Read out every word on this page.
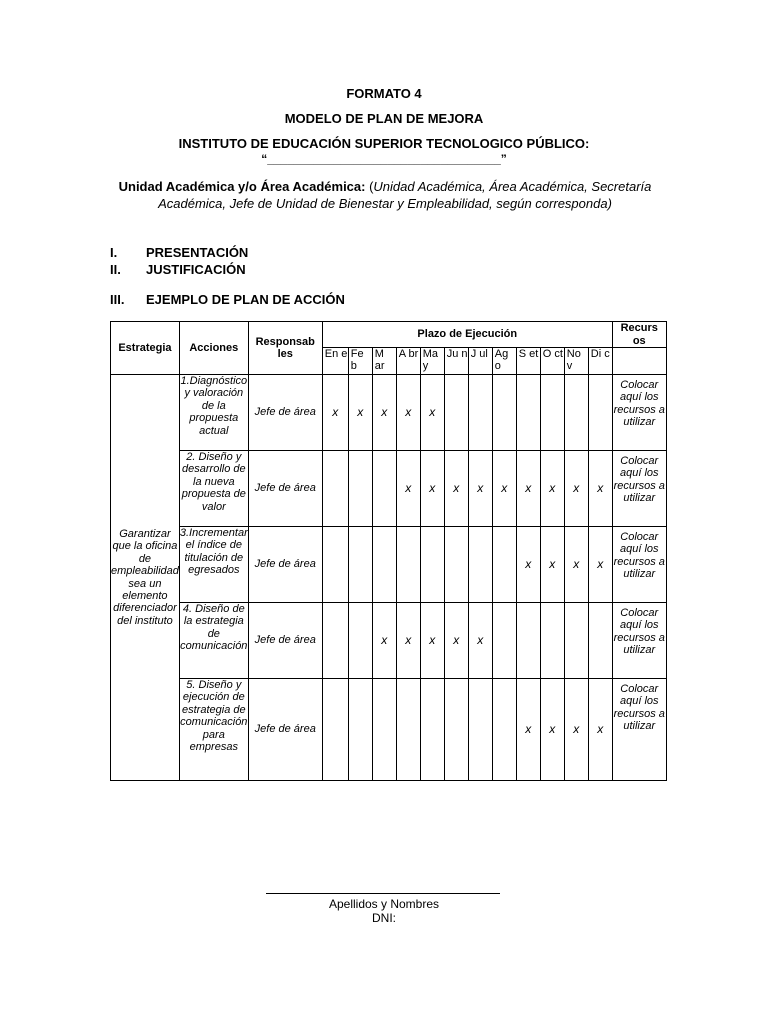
FORMATO 4
MODELO DE PLAN DE MEJORA
INSTITUTO DE EDUCACIÓN SUPERIOR TECNOLOGICO PÚBLICO:
“___________________________________”
Unidad Académica y/o Área Académica: (Unidad Académica, Área Académica, Secretaría Académica, Jefe de Unidad de Bienestar y Empleabilidad, según corresponda)
I. PRESENTACIÓN
II. JUSTIFICACIÓN
III. EJEMPLO DE PLAN DE ACCIÓN
Estrategia	Acciones	Responsab les	Plazo de Ejecución												Recurs os
			En e	Fe b	M ar	A br	Ma y	Ju n	J ul	Ag o	S et	O ct	No v	Di c	
Garantizar que la oficina de empleabilidad sea un elemento diferenciador del instituto	1.Diagnóstico y valoración de la propuesta actual	Jefe de área	x	x	x	x	x								Colocar aquí los recursos a utilizar
	2. Diseño y desarrollo de la nueva propuesta de valor	Jefe de área				x	x	x	x	x	x	x	x	x	Colocar aquí los recursos a utilizar
	3.Incrementar el índice de titulación de egresados	Jefe de área									x	x	x	x	Colocar aquí los recursos a utilizar
	4. Diseño de la estrategia de comunicación	Jefe de área			x	x	x	x	x						Colocar aquí los recursos a utilizar
	5. Diseño y ejecución de estrategia de comunicación para empresas	Jefe de área									x	x	x	x	Colocar aquí los recursos a utilizar
Apellidos y Nombres
DNI:
